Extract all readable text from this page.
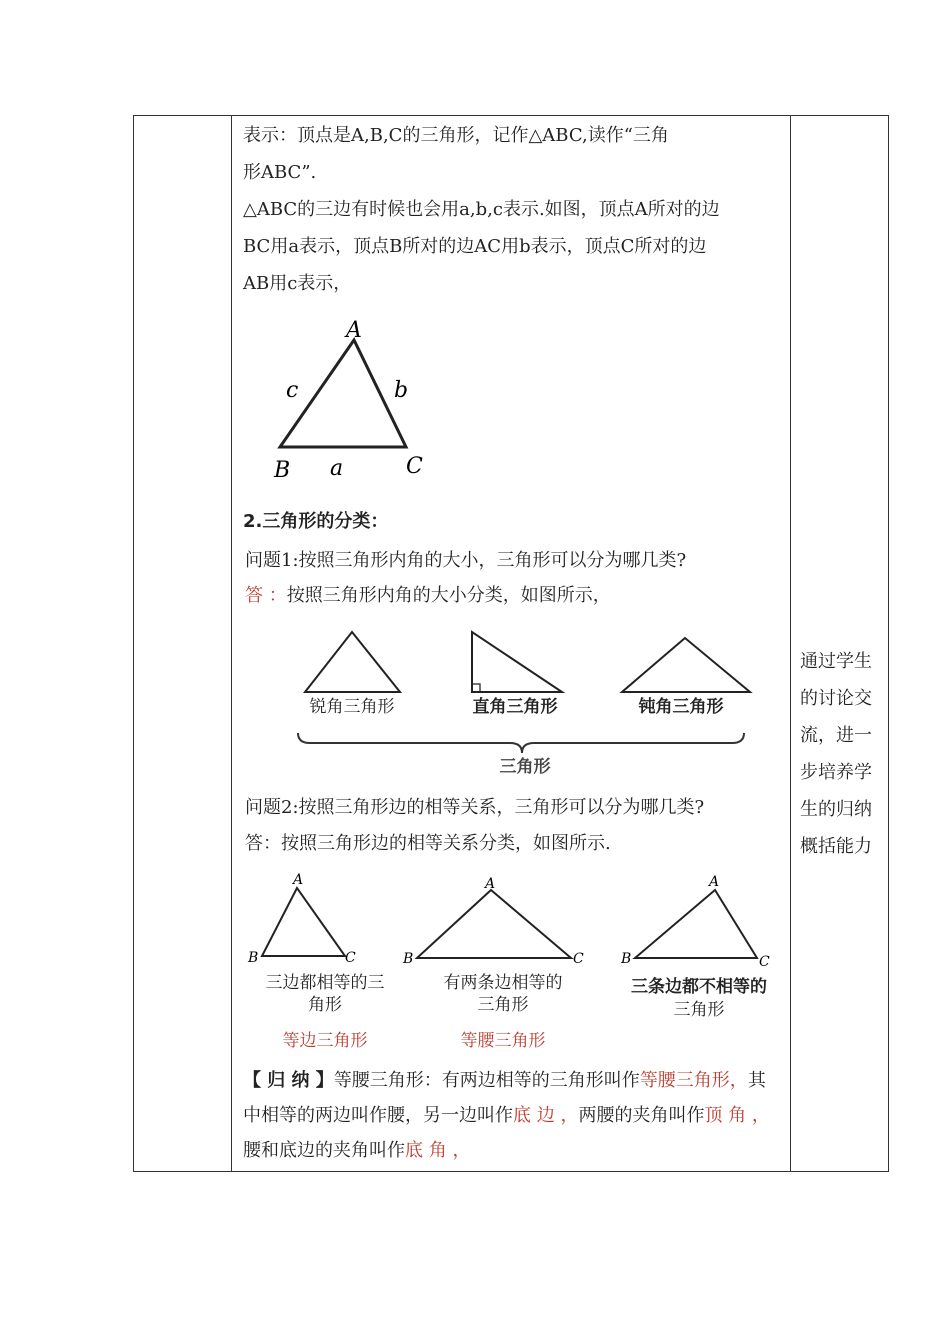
表示：顶点是A,B,C的三角形，记作△ABC,读作“三角
形ABC”.
△ABC的三边有时候也会用a,b,c表示.如图，顶点A所对的边
BC用a表示，顶点B所对的边AC用b表示，顶点C所对的边
AB用c表示，
A
B	C
a
b
c
2.三角形的分类：
问题1:按照三角形内角的大小，三角形可以分为哪几类?
答 ：按照三角形内角的大小分类，如图所示，
锐角三角形	直角三角形	钝角三角形
三角形
问题2:按照三角形边的相等关系，三角形可以分为哪几类?
答：按照三角形边的相等关系分类，如图所示.
A
B	C
A
B	C
A
B	C
三边都相等的三
角形
等边三角形
有两条边相等的
三角形
等腰三角形
三条边都不相等的
三角形
【 归 纳 】等腰三角形：有两边相等的三角形叫作等腰三角形，其
中相等的两边叫作腰，另一边叫作底 边 ，两腰的夹角叫作顶 角 ，
腰和底边的夹角叫作底 角 ，
通过学生
的讨论交
流，进一
步培养学
生的归纳
概括能力
